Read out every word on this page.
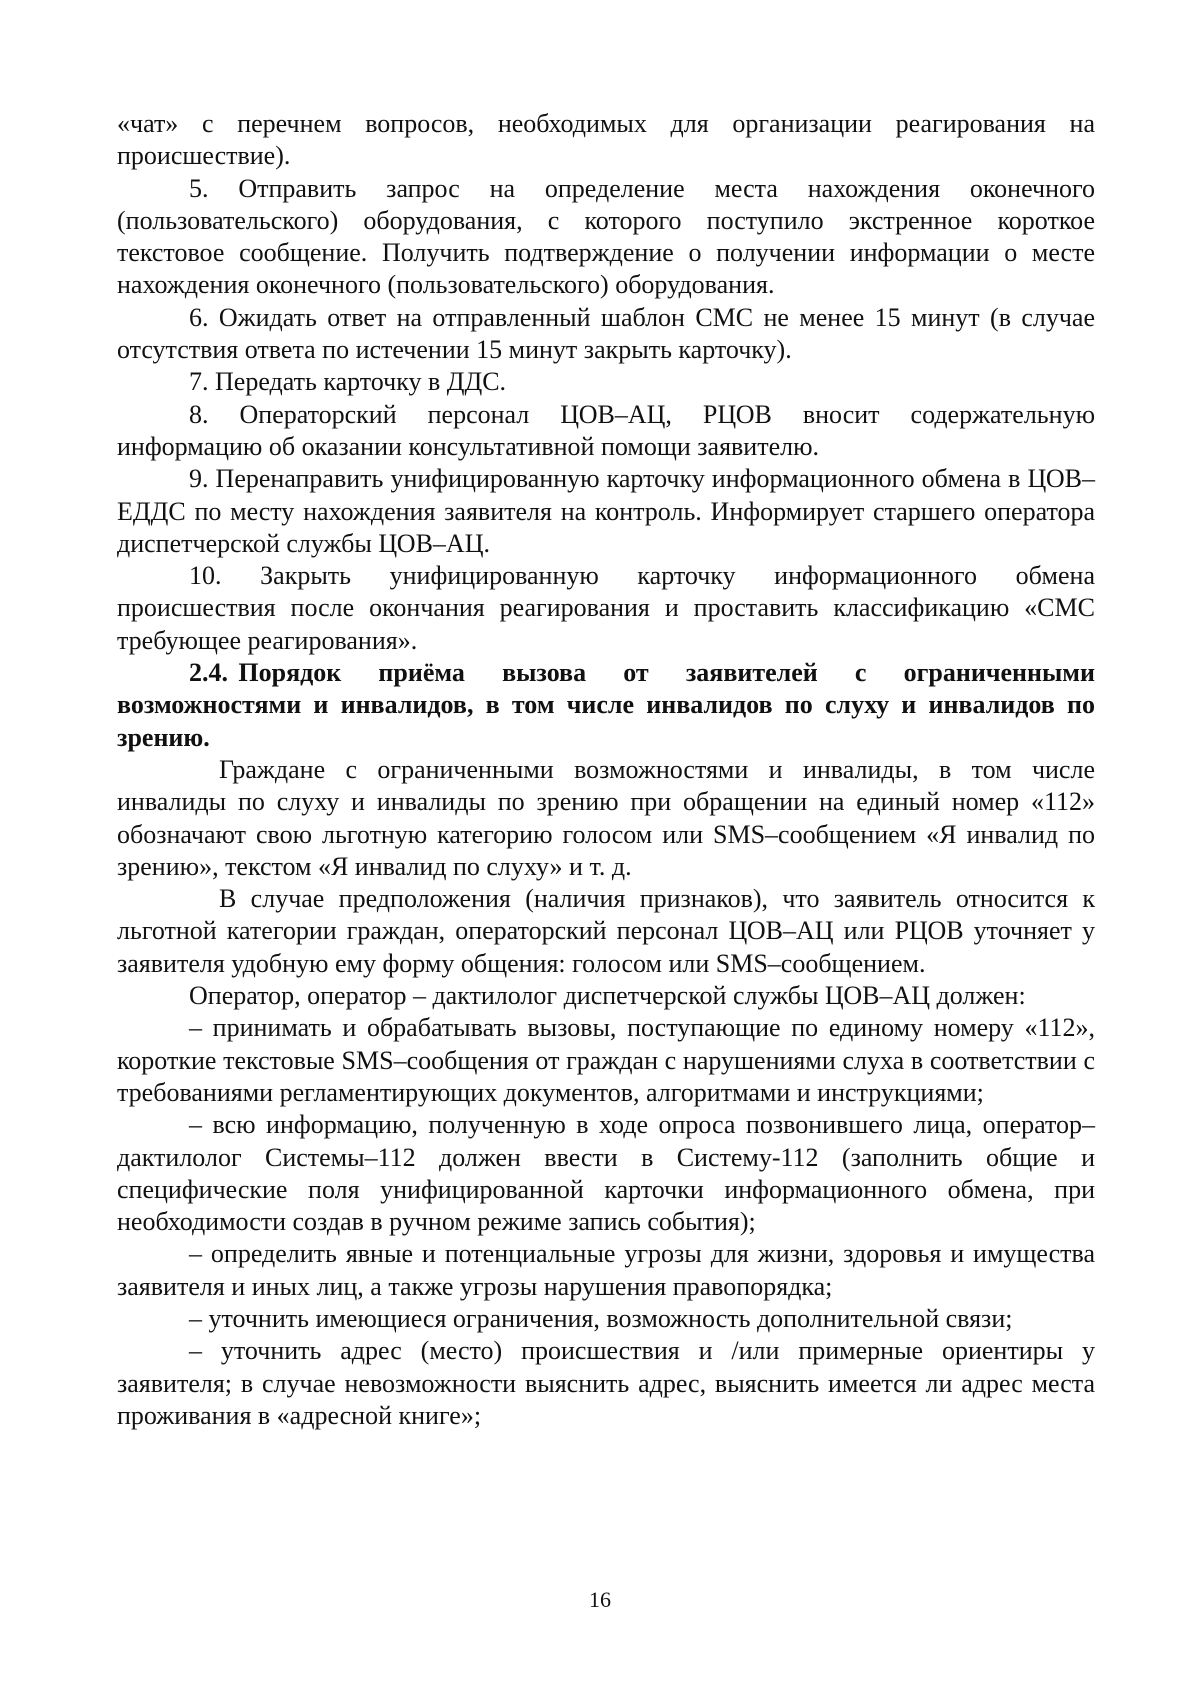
«чат» с перечнем вопросов, необходимых для организации реагирования на происшествие).

5. Отправить запрос на определение места нахождения оконечного (пользовательского) оборудования, с которого поступило экстренное короткое текстовое сообщение. Получить подтверждение о получении информации о месте нахождения оконечного (пользовательского) оборудования.

6. Ожидать ответ на отправленный шаблон СМС не менее 15 минут (в случае отсутствия ответа по истечении 15 минут закрыть карточку).

7. Передать карточку в ДДС.

8. Операторский персонал ЦОВ–АЦ, РЦОВ вносит содержательную информацию об оказании консультативной помощи заявителю.

9. Перенаправить унифицированную карточку информационного обмена в ЦОВ–ЕДДС по месту нахождения заявителя на контроль. Информирует старшего оператора диспетчерской службы ЦОВ–АЦ.

10. Закрыть унифицированную карточку информационного обмена происшествия после окончания реагирования и проставить классификацию «СМС требующее реагирования».

2.4. Порядок приёма вызова от заявителей с ограниченными возможностями и инвалидов, в том числе инвалидов по слуху и инвалидов по зрению.

Граждане с ограниченными возможностями и инвалиды, в том числе инвалиды по слуху и инвалиды по зрению при обращении на единый номер «112» обозначают свою льготную категорию голосом или SMS–сообщением «Я инвалид по зрению», текстом «Я инвалид по слуху» и т. д.

В случае предположения (наличия признаков), что заявитель относится к льготной категории граждан, операторский персонал ЦОВ–АЦ или РЦОВ уточняет у заявителя удобную ему форму общения: голосом или SMS–сообщением.

Оператор, оператор – дактилолог диспетчерской службы ЦОВ–АЦ должен:

– принимать и обрабатывать вызовы, поступающие по единому номеру «112», короткие текстовые SMS–сообщения от граждан с нарушениями слуха в соответствии с требованиями регламентирующих документов, алгоритмами и инструкциями;

– всю информацию, полученную в ходе опроса позвонившего лица, оператор–дактилолог Системы–112 должен ввести в Систему-112 (заполнить общие и специфические поля унифицированной карточки информационного обмена, при необходимости создав в ручном режиме запись события);

– определить явные и потенциальные угрозы для жизни, здоровья и имущества заявителя и иных лиц, а также угрозы нарушения правопорядка;

– уточнить имеющиеся ограничения, возможность дополнительной связи;

– уточнить адрес (место) происшествия и /или примерные ориентиры у заявителя; в случае невозможности выяснить адрес, выяснить имеется ли адрес места проживания в «адресной книге»;

16
